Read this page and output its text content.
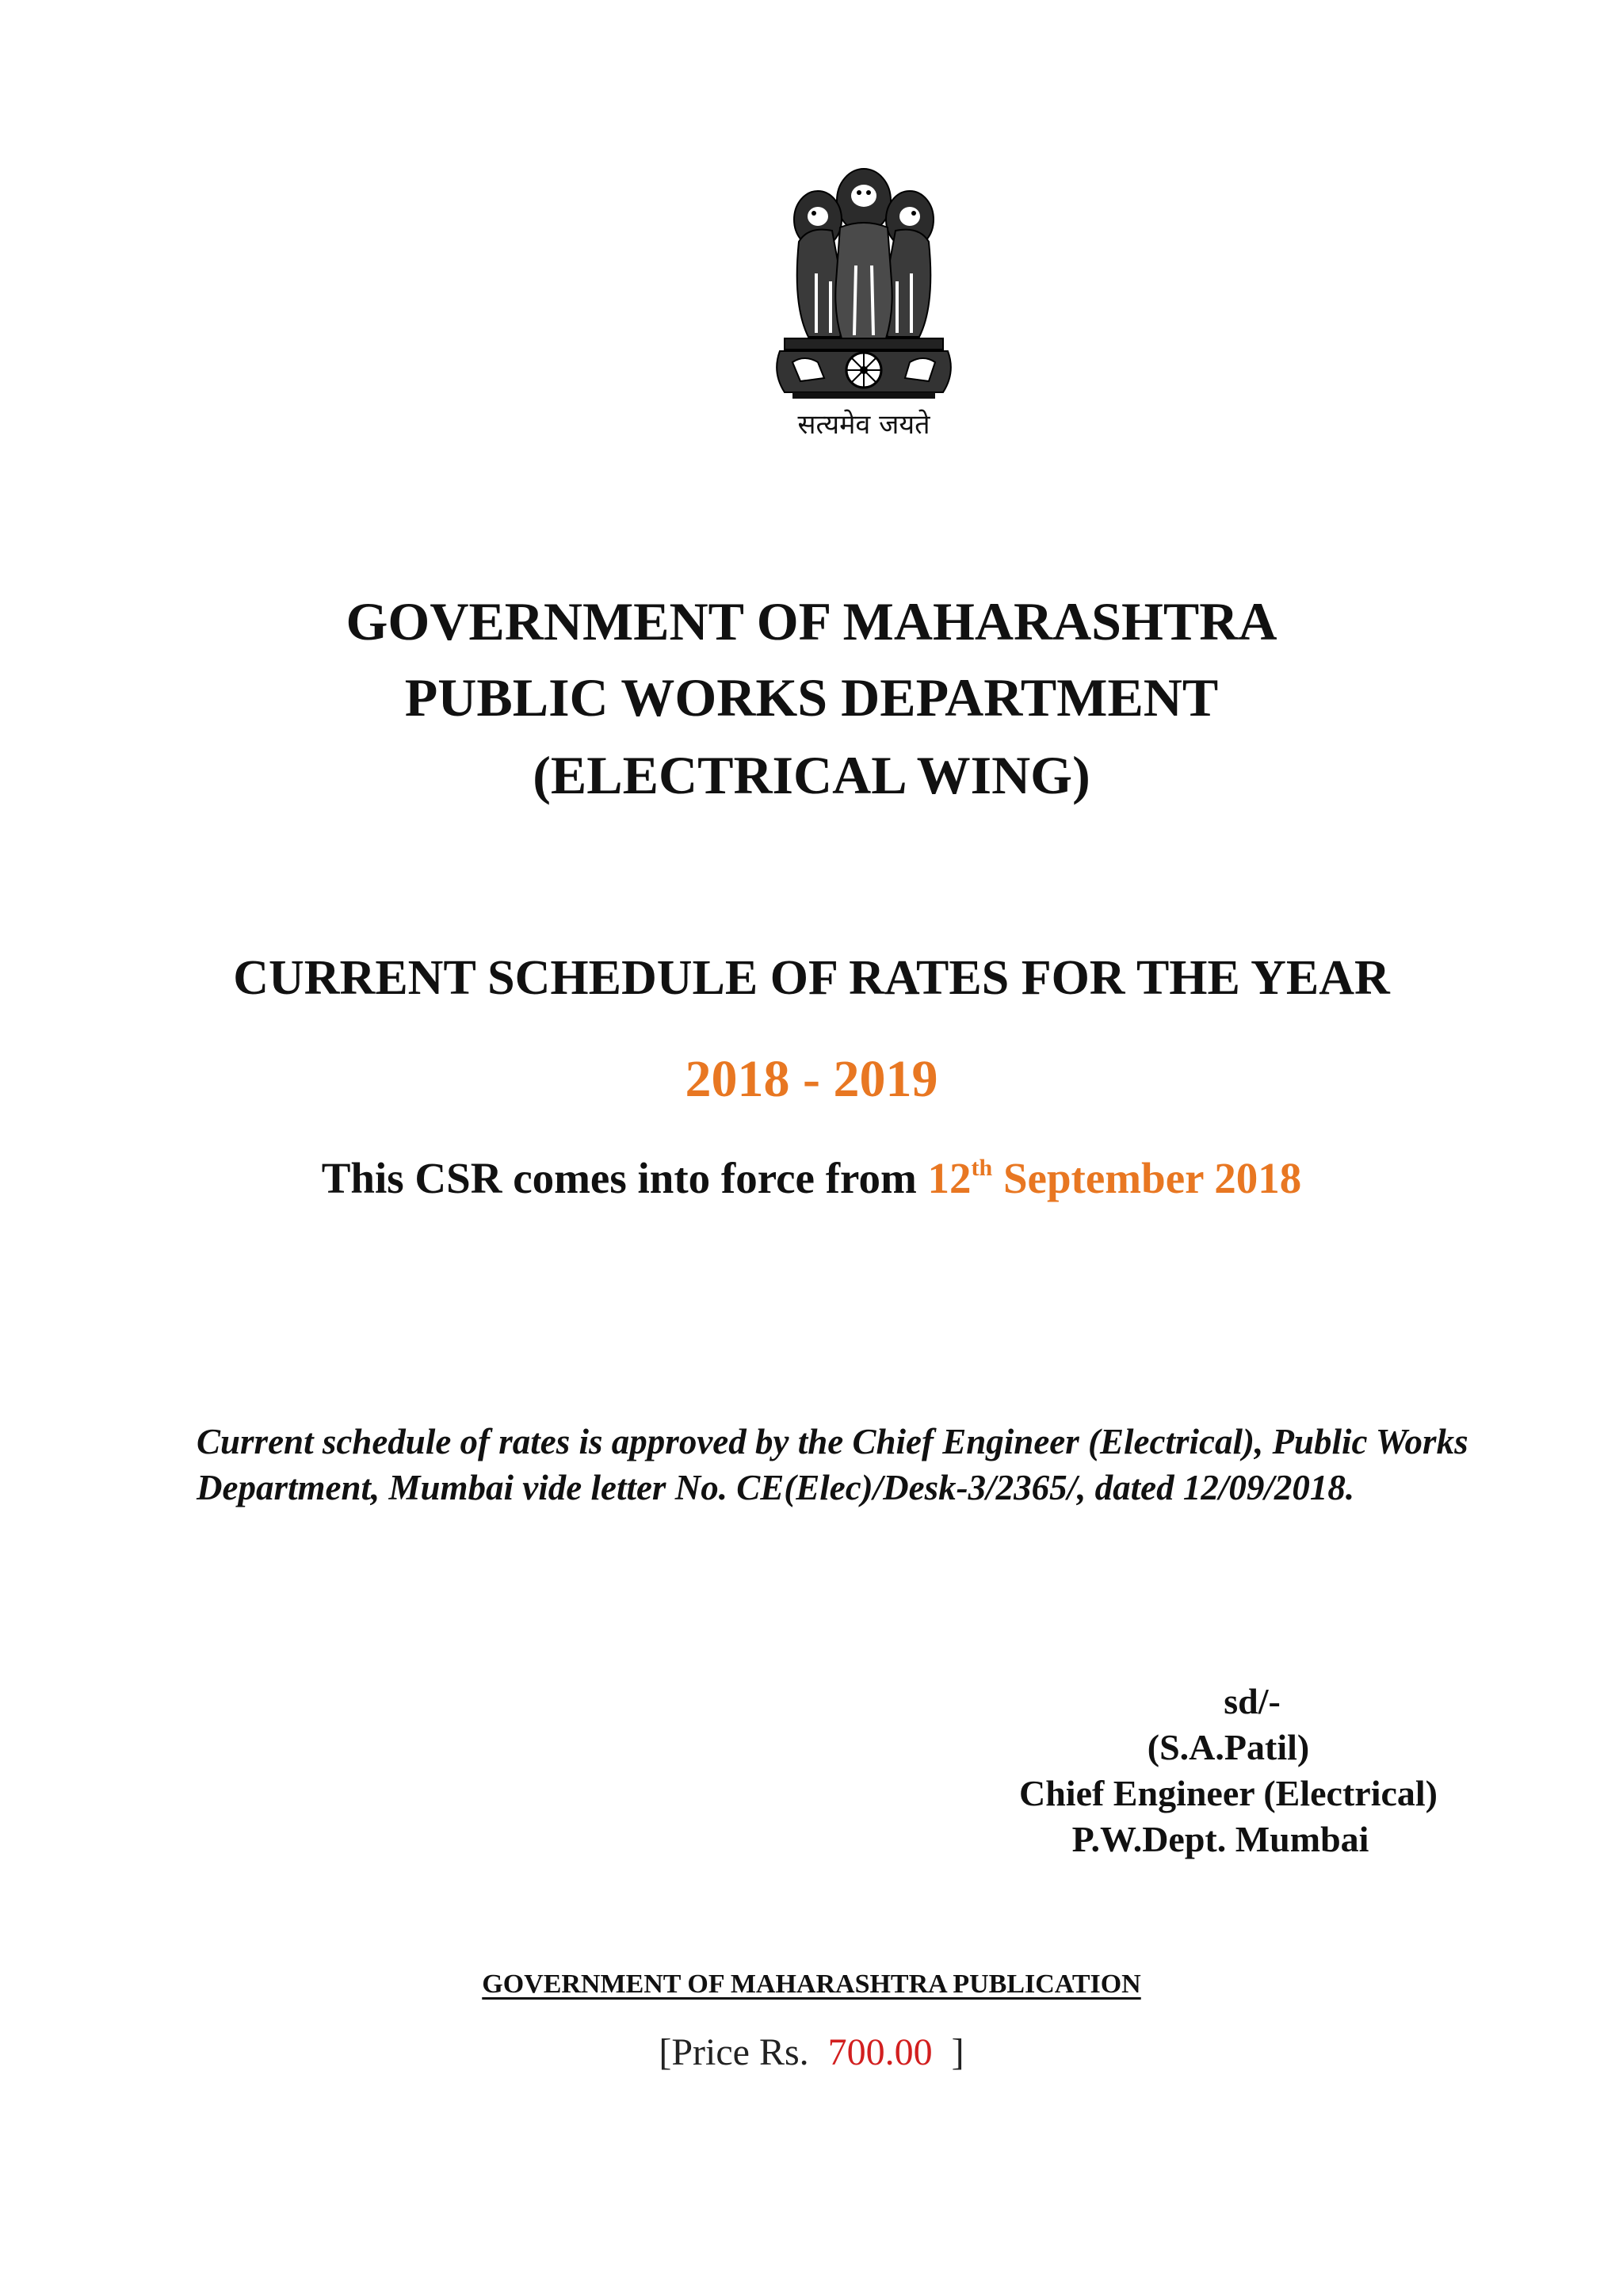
सत्यमेव जयते
GOVERNMENT OF MAHARASHTRA
PUBLIC WORKS DEPARTMENT
(ELECTRICAL WING)
CURRENT SCHEDULE OF RATES FOR THE YEAR
2018 - 2019
This CSR comes into force from 12th September 2018
Current schedule of rates is approved by the Chief Engineer (Electrical), Public Works Department, Mumbai vide letter No. CE(Elec)/Desk-3/2365/, dated 12/09/2018.
sd/-
(S.A.Patil)
Chief Engineer (Electrical)
P.W.Dept. Mumbai
GOVERNMENT OF MAHARASHTRA PUBLICATION
[Price Rs.  700.00  ]
